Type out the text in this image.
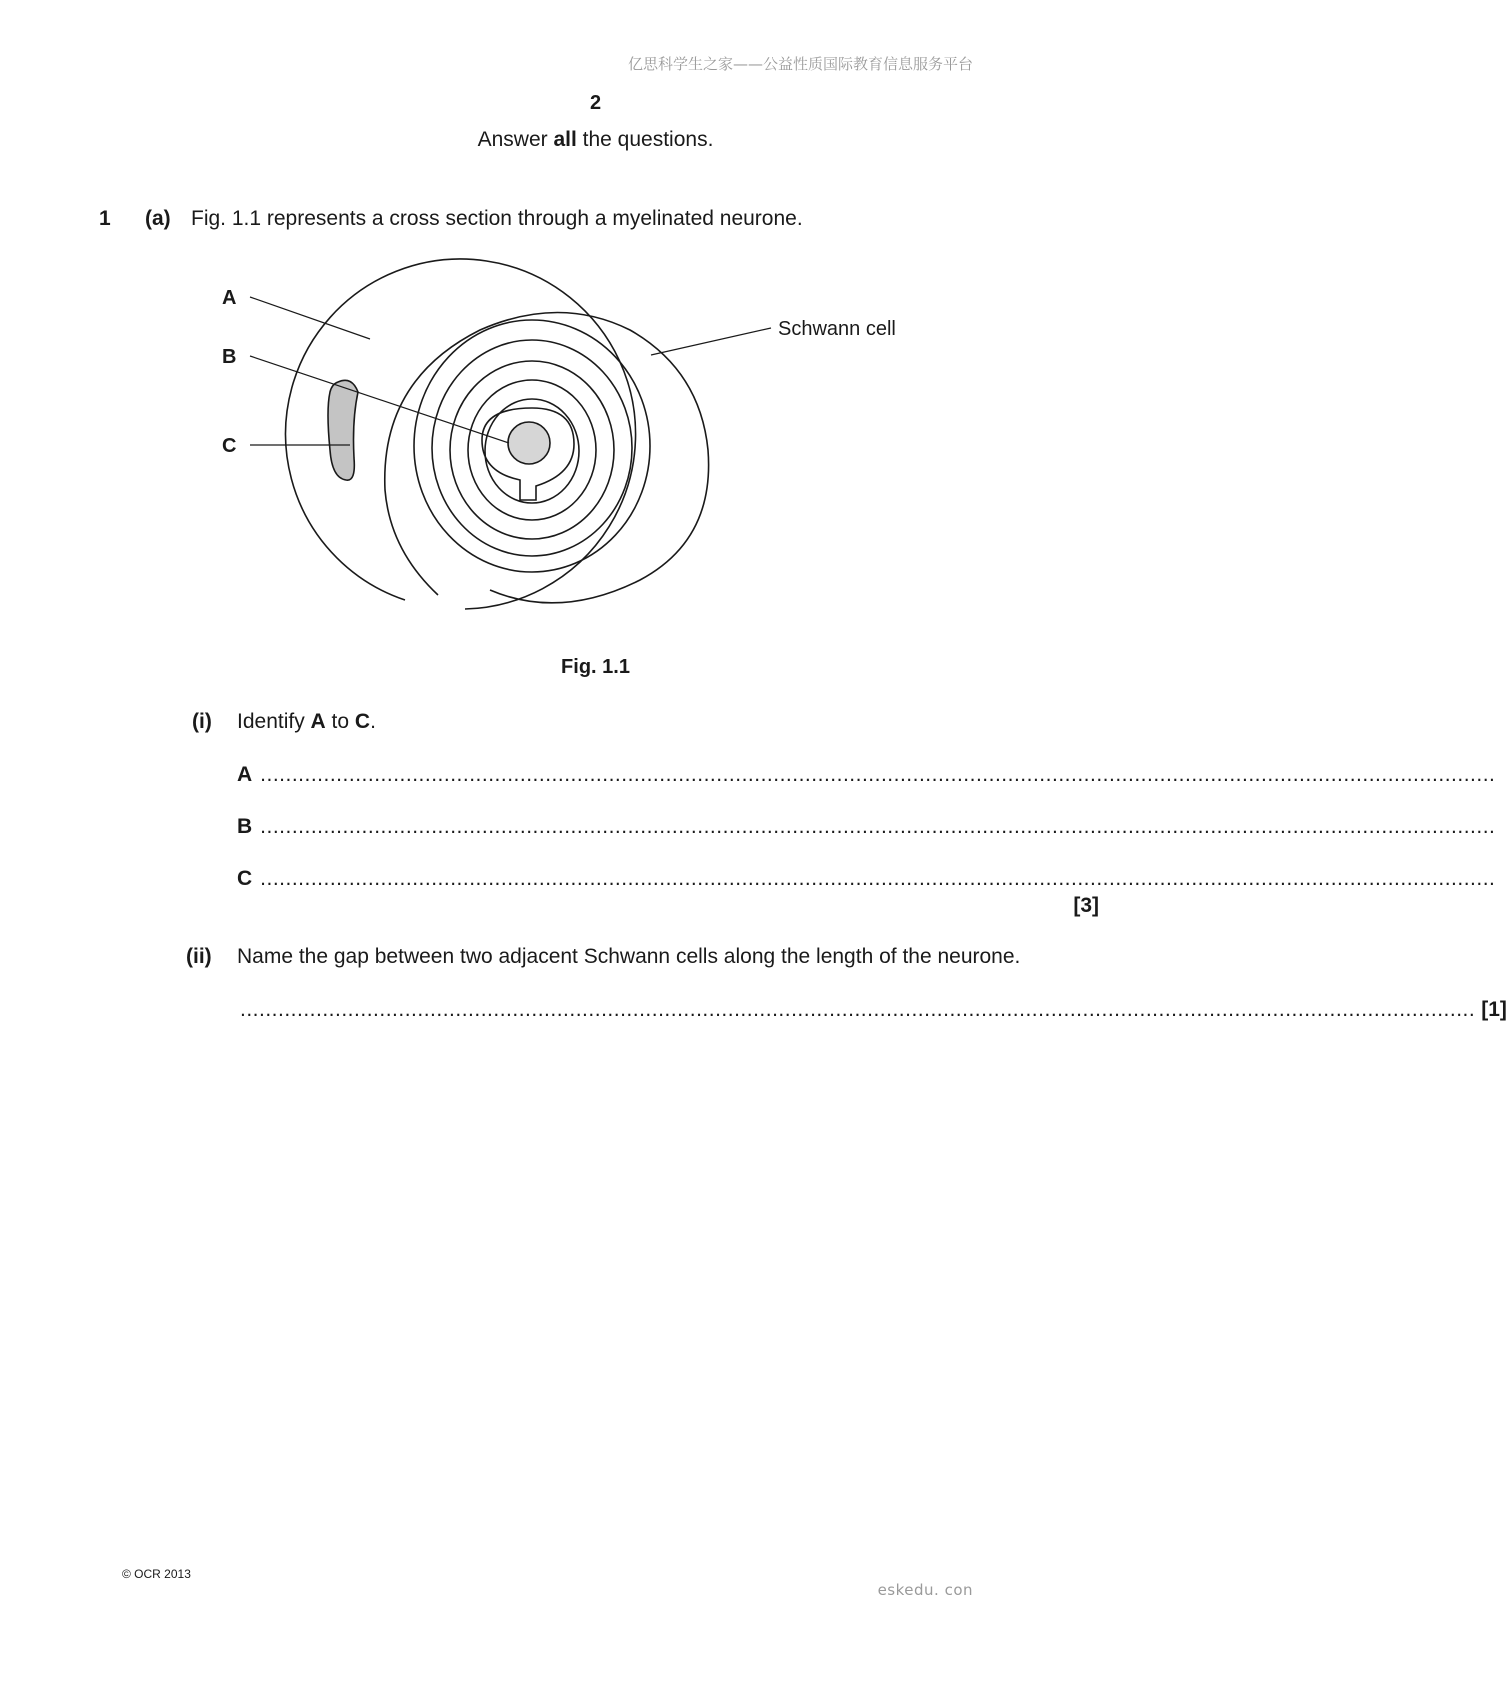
亿思科学生之家——公益性质国际教育信息服务平台
2
Answer all the questions.
1 (a) Fig. 1.1 represents a cross section through a myelinated neurone.
A
B
C
Schwann cell
Fig. 1.1
(i) Identify A to C.
A ...................................................................................................................................................................................................
B ...................................................................................................................................................................................................
C ...................................................................................................................................................................................................
[3]
(ii) Name the gap between two adjacent Schwann cells along the length of the neurone.
................................................................................................................................................................................................... [1]
© OCR 2013
eskedu. con
